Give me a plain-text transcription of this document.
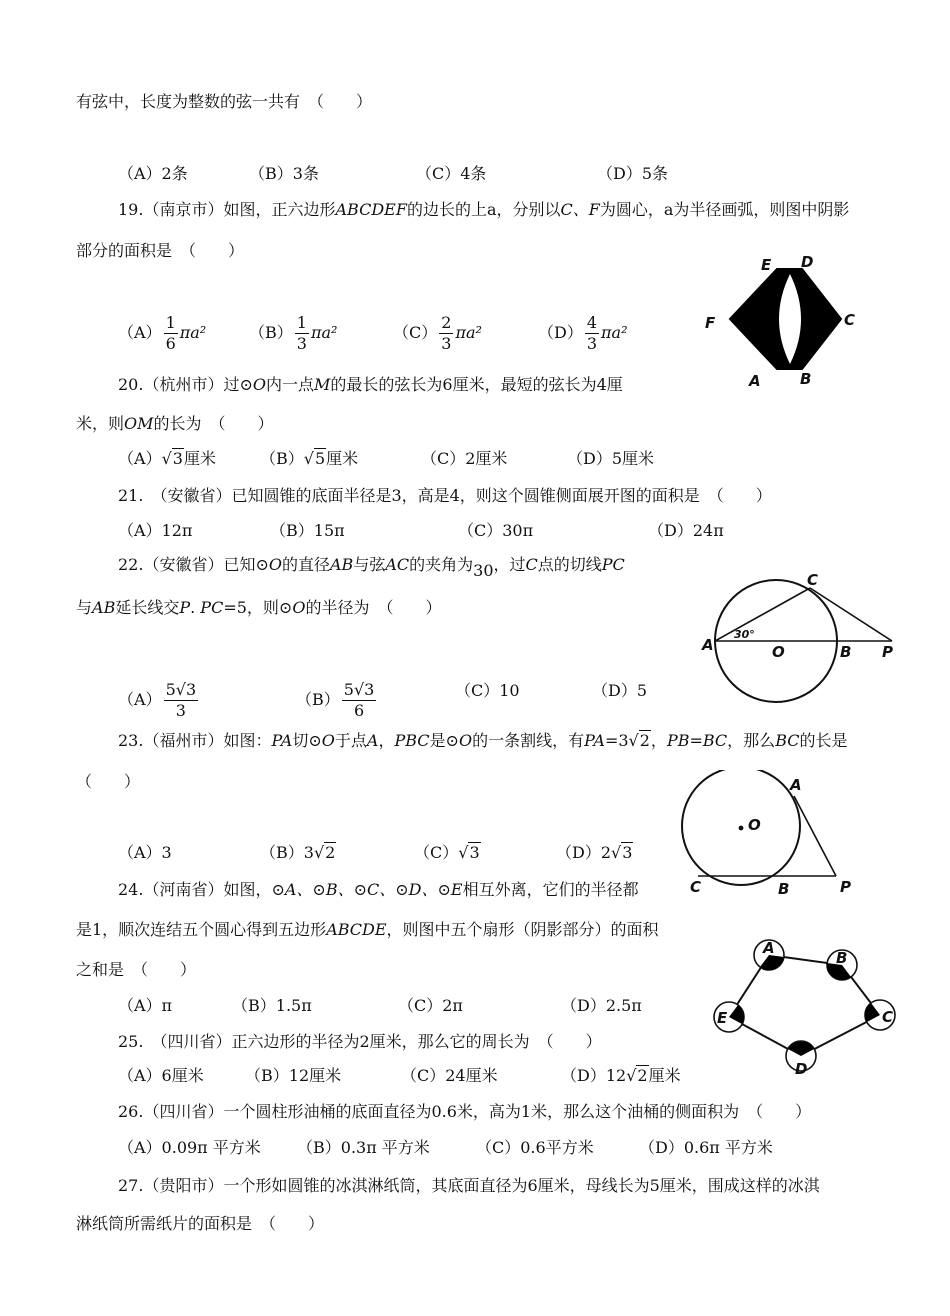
有弦中，长度为整数的弦一共有　（　　）
（A）2条	（B）3条	（C）4条	（D）5条
19.（南京市）如图，正六边形ABCDEF的边长的上a，分别以C、F为圆心，a为半径画弧，则图中阴影
部分的面积是　（　　）
$(A) \frac{1}{6} \pi a^2$	$(B) \frac{1}{3} \pi a^2$	$(C) \frac{2}{3} \pi a^2$	$(D) \frac{4}{3} \pi a^2$
E D
F	C
A	B
20.（杭州市）过⊙O内一点M的最长的弦长为6厘米，最短的弦长为4厘
米，则OM的长为　（　　）
（A）√3厘米	（B）√5厘米	（C）2厘米	（D）5厘米
21.　（安徽省）已知圆锥的底面半径是3，高是4，则这个圆锥侧面展开图的面积是　（　　）
（A）12π	（B）15π	（C）30π	（D）24π
22.（安徽省）已知⊙O的直径AB与弦AC的夹角为30，过C点的切线PC
与AB延长线交P. PC=5，则⊙O的半径为　（　　）
$(A) \frac{5√3}{3}$	$(B) \frac{5√3}{6}$	（C）10	（D）5
C
A
30°
O	B P
23.（福州市）如图：PA切⊙O于点A，PBC是⊙O的一条割线，有PA=3√2，PB=BC，那么BC的长是
（　　）
（A）3	（B）3√2	（C）√3	（D）2√3
A
O
C	B	P
24.（河南省）如图，⊙A、⊙B、⊙C、⊙D、⊙E相互外离，它们的半径都
是1，顺次连结五个圆心得到五边形ABCDE，则图中五个扇形（阴影部分）的面积
之和是　（　　）
（A）π	（B）1.5π	（C）2π	（D）2.5π
A
B
C
D
E
25.　（四川省）正六边形的半径为2厘米，那么它的周长为　（　　）
（A）6厘米	（B）12厘米	（C）24厘米	（D）12√2厘米
26.（四川省）一个圆柱形油桶的底面直径为0.6米，高为1米，那么这个油桶的侧面积为　（　　）
（A）0.09π 平方米 （B）0.3π 平方米	（C）0.6平方米	（D）0.6π 平方米
27.（贵阳市）一个形如圆锥的冰淇淋纸筒，其底面直径为6厘米，母线长为5厘米，围成这样的冰淇
淋纸筒所需纸片的面积是　（　　）
